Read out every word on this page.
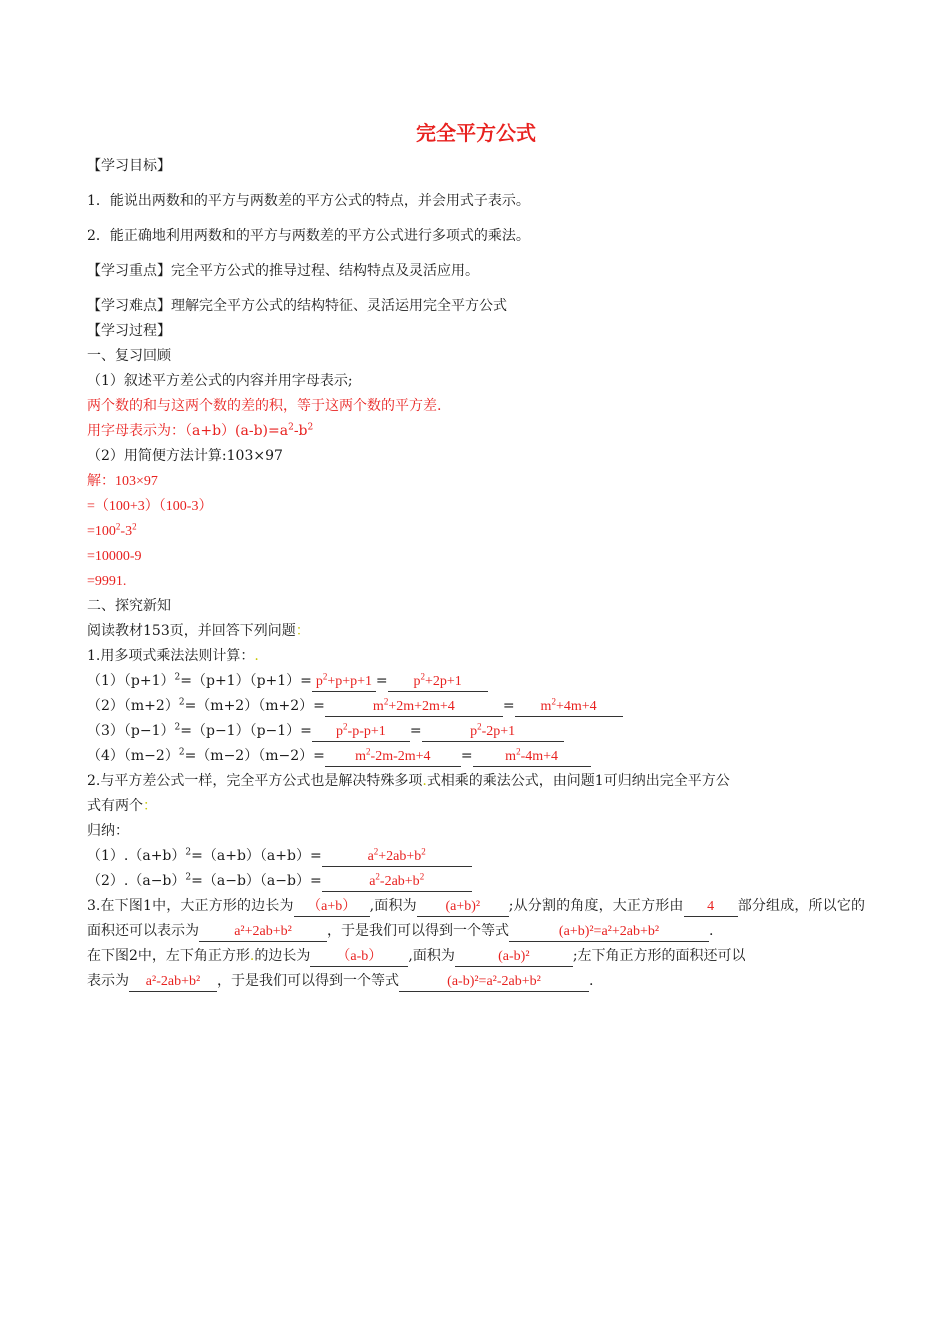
完全平方公式
【学习目标】
1．能说出两数和的平方与两数差的平方公式的特点，并会用式子表示。
2．能正确地利用两数和的平方与两数差的平方公式进行多项式的乘法。
【学习重点】完全平方公式的推导过程、结构特点及灵活应用。
【学习难点】理解完全平方公式的结构特征、灵活运用完全平方公式
【学习过程】
一、复习回顾
（1）叙述平方差公式的内容并用字母表示;
两个数的和与这两个数的差的积，等于这两个数的平方差.
用字母表示为：$(a+b)(a-b)=a^2-b^2$
（2）用简便方法计算:103×97
解：103×97
=（100+3）（100-3）
$=100^2-3^2$
=10000-9
=9991.
二、探究新知
阅读教材153页，并回答下列问题：
1.用多项式乘法法则计算：.
$(1)(p+1)^2=(p+1)(p+1)= p^2+p+p+1 =p^2+2p+1$
$(2)(m+2)^2=(m+2)(m+2)=$	$m^2+2m+2m+4$	= $m^2+4m+4$
$(3)(p-1)^2=(p-1)(p-1)= p^2-p-p+1$ =	$p^2-2p+1$
$(4)(m-2)^2=(m-2)(m-2)= m^2-2m-2m+4 = m^2-4m+4$
2.与平方差公式一样，完全平方公式也是解决特殊多项.式相乘的乘法公式，由问题1可归纳出完全平方公
式有两个：
归纳：
$(1).(a+b)^2=(a+b)(a+b)=$	$a^2+2ab+b^2$
$(2).(a-b)^2=(a-b)(a-b)=$	$a^2-2ab+b^2$
3.在下图1中，大正方形的边长为 （a+b） ,面积为 (a+b)² ;从分割的角度，大正方形由 4 部分组成，所以它的面积还可以表示为	a²+2ab+b²	，于是我们可以得到一个等式	(a+b)²=a²+2ab+b²	.
在下图2中，左下角正方形.的边长为 （a-b） ,面积为	(a-b)²	;左下角正方形的面积还可以
表示为 a²-2ab+b² ，于是我们可以得到一个等式	(a-b)²=a²-2ab+b²	.
